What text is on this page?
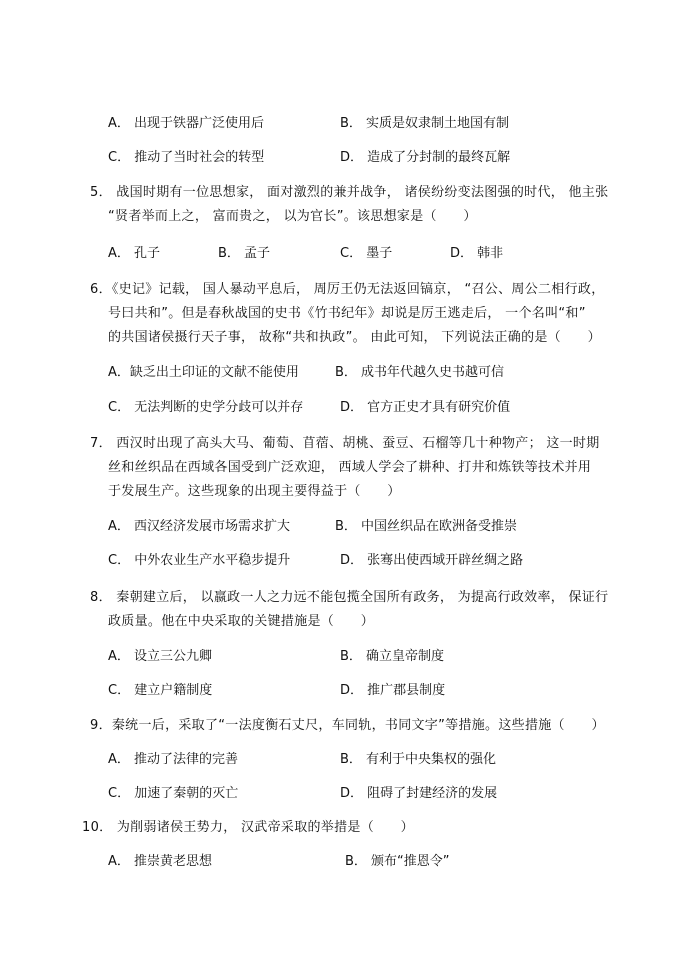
A． 出现于铁器广泛使用后	B． 实质是奴隶制土地国有制
C． 推动了当时社会的转型	D． 造成了分封制的最终瓦解
5． 战国时期有一位思想家， 面对激烈的兼并战争， 诸侯纷纷变法图强的时代， 他主张
“贤者举而上之， 富而贵之， 以为官长”。该思想家是（　　）
A． 孔子	B． 孟子	C． 墨子	D． 韩非
6．《史记》记载， 国人暴动平息后， 周厉王仍无法返回镐京， “召公、周公二相行政，
号曰共和”。但是春秋战国的史书《竹书纪年》却说是厉王逃走后， 一个名叫“和”
的共国诸侯摄行天子事， 故称“共和执政”。 由此可知， 下列说法正确的是（　　）
A．缺乏出土印证的文献不能使用	B． 成书年代越久史书越可信
C． 无法判断的史学分歧可以并存	D． 官方正史才具有研究价值
7． 西汉时出现了高头大马、葡萄、苜蓿、胡桃、蚕豆、石榴等几十种物产； 这一时期
丝和丝织品在西域各国受到广泛欢迎， 西域人学会了耕种、打井和炼铁等技术并用
于发展生产。这些现象的出现主要得益于（　　）
A． 西汉经济发展市场需求扩大	B． 中国丝织品在欧洲备受推崇
C． 中外农业生产水平稳步提升	D． 张骞出使西域开辟丝绸之路
8． 秦朝建立后， 以嬴政一人之力远不能包揽全国所有政务， 为提高行政效率， 保证行
政质量。他在中央采取的关键措施是（　　）
A． 设立三公九卿	B． 确立皇帝制度
C． 建立户籍制度	D． 推广郡县制度
9．秦统一后，采取了“一法度衡石丈尺，车同轨，书同文字”等措施。这些措施（　　）
A． 推动了法律的完善	B． 有利于中央集权的强化
C． 加速了秦朝的灭亡	D． 阻碍了封建经济的发展
10． 为削弱诸侯王势力， 汉武帝采取的举措是（　　）
A． 推崇黄老思想	B． 颁布“推恩令”
